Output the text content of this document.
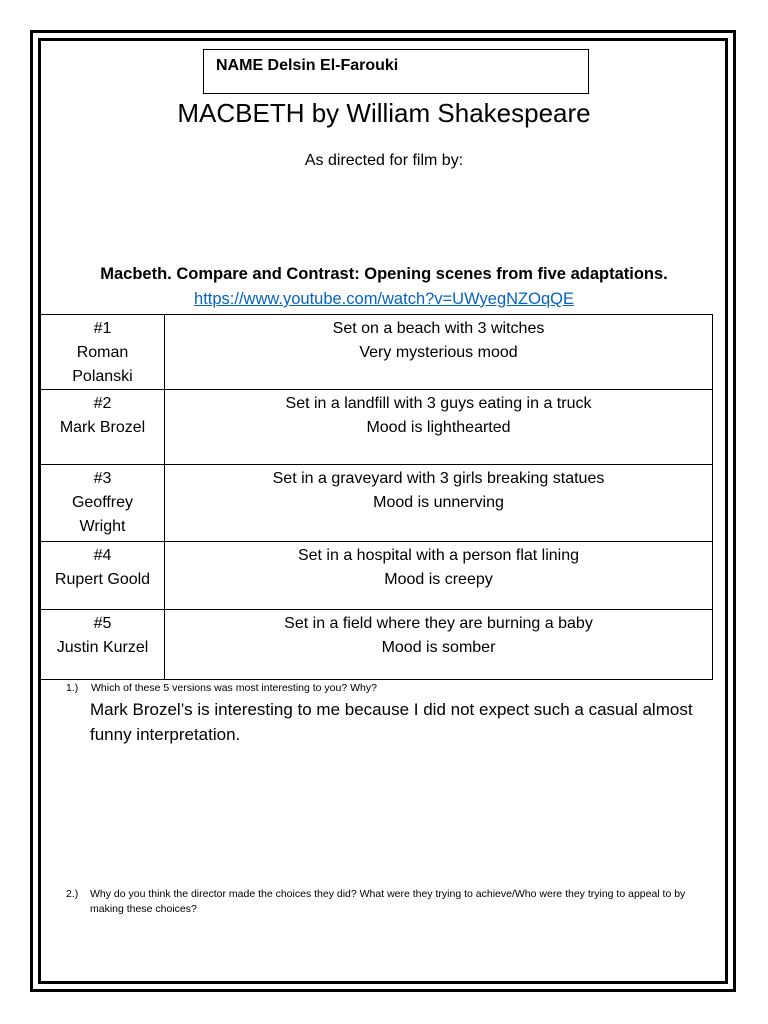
NAME Delsin El-Farouki
MACBETH by William Shakespeare
As directed for film by:
Macbeth. Compare and Contrast: Opening scenes from five adaptations.
https://www.youtube.com/watch?v=UWyegNZOqQE
#1
Roman
Polanski	Set on a beach with 3 witches
Very mysterious mood

#2
Mark Brozel	Set in a landfill with 3 guys eating in a truck
Mood is lighthearted

#3
Geoffrey
Wright	Set in a graveyard with 3 girls breaking statues
Mood is unnerving

#4
Rupert Goold	Set in a hospital with a person flat lining
Mood is creepy

#5
Justin Kurzel	Set in a field where they are burning a baby
Mood is somber
1.) Which of these 5 versions was most interesting to you? Why?
Mark Brozel’s is interesting to me because I did not expect such a casual almost funny interpretation.
2.) Why do you think the director made the choices they did? What were they trying to achieve/Who were they trying to appeal to by making these choices?
